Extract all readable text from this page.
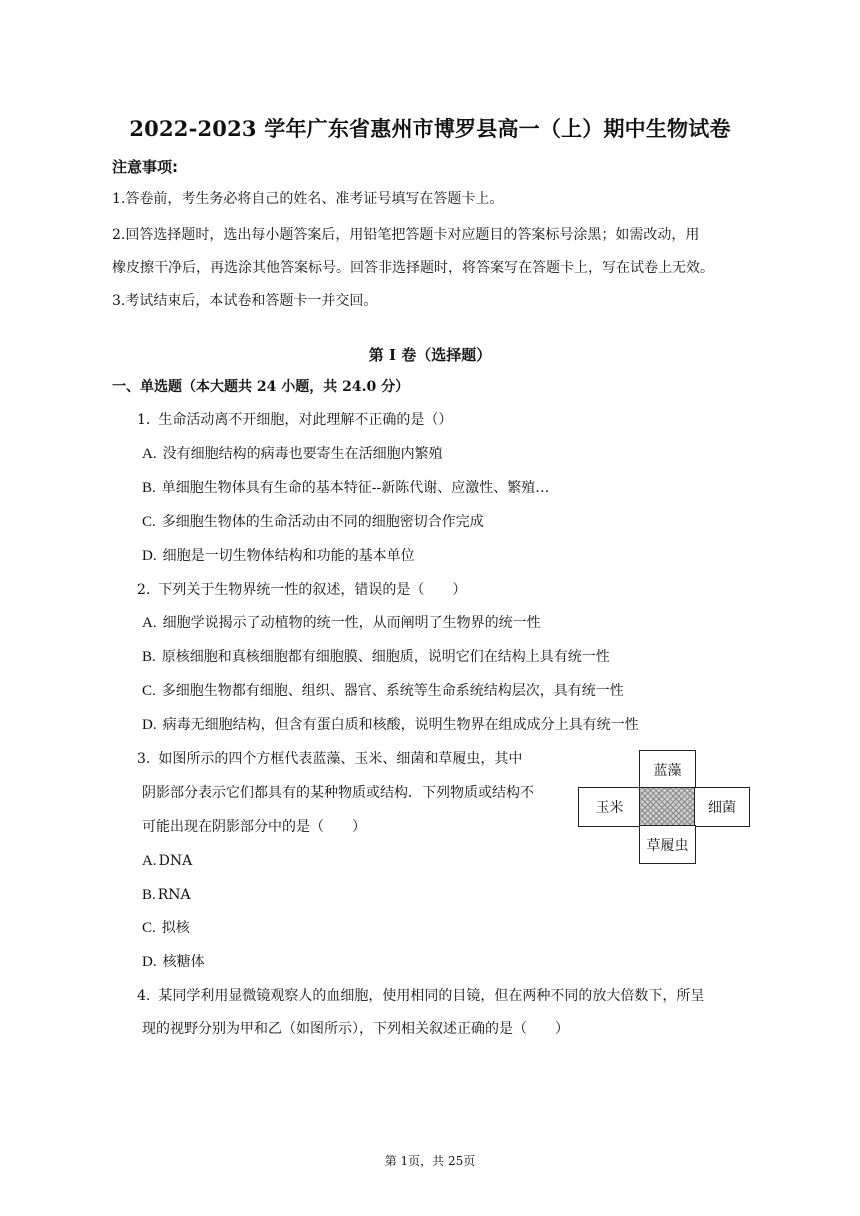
2022-2023 学年广东省惠州市博罗县高一（上）期中生物试卷
注意事项:
1.答卷前，考生务必将自己的姓名、准考证号填写在答题卡上。
2.回答选择题时，选出每小题答案后，用铅笔把答题卡对应题目的答案标号涂黑；如需改动，用
橡皮擦干净后，再选涂其他答案标号。回答非选择题时，将答案写在答题卡上，写在试卷上无效。
3.考试结束后，本试卷和答题卡一并交回。
第 I 卷（选择题）
一、单选题（本大题共 24 小题，共 24.0 分）
1. 生命活动离不开细胞，对此理解不正确的是（）
A. 没有细胞结构的病毒也要寄生在活细胞内繁殖
B. 单细胞生物体具有生命的基本特征--新陈代谢、应激性、繁殖…
C. 多细胞生物体的生命活动由不同的细胞密切合作完成
D. 细胞是一切生物体结构和功能的基本单位
2. 下列关于生物界统一性的叙述，错误的是（　　）
A. 细胞学说揭示了动植物的统一性，从而阐明了生物界的统一性
B. 原核细胞和真核细胞都有细胞膜、细胞质，说明它们在结构上具有统一性
C. 多细胞生物都有细胞、组织、器官、系统等生命系统结构层次，具有统一性
D. 病毒无细胞结构，但含有蛋白质和核酸，说明生物界在组成成分上具有统一性
3. 如图所示的四个方框代表蓝藻、玉米、细菌和草履虫，其中
阴影部分表示它们都具有的某种物质或结构．下列物质或结构不
可能出现在阴影部分中的是（　　）
蓝藻
玉米	细菌
草履虫
A. DNA
B. RNA
C. 拟核
D. 核糖体
4. 某同学利用显微镜观察人的血细胞，使用相同的目镜，但在两种不同的放大倍数下，所呈
现的视野分别为甲和乙（如图所示），下列相关叙述正确的是（　　）
第 1页，共 25页
